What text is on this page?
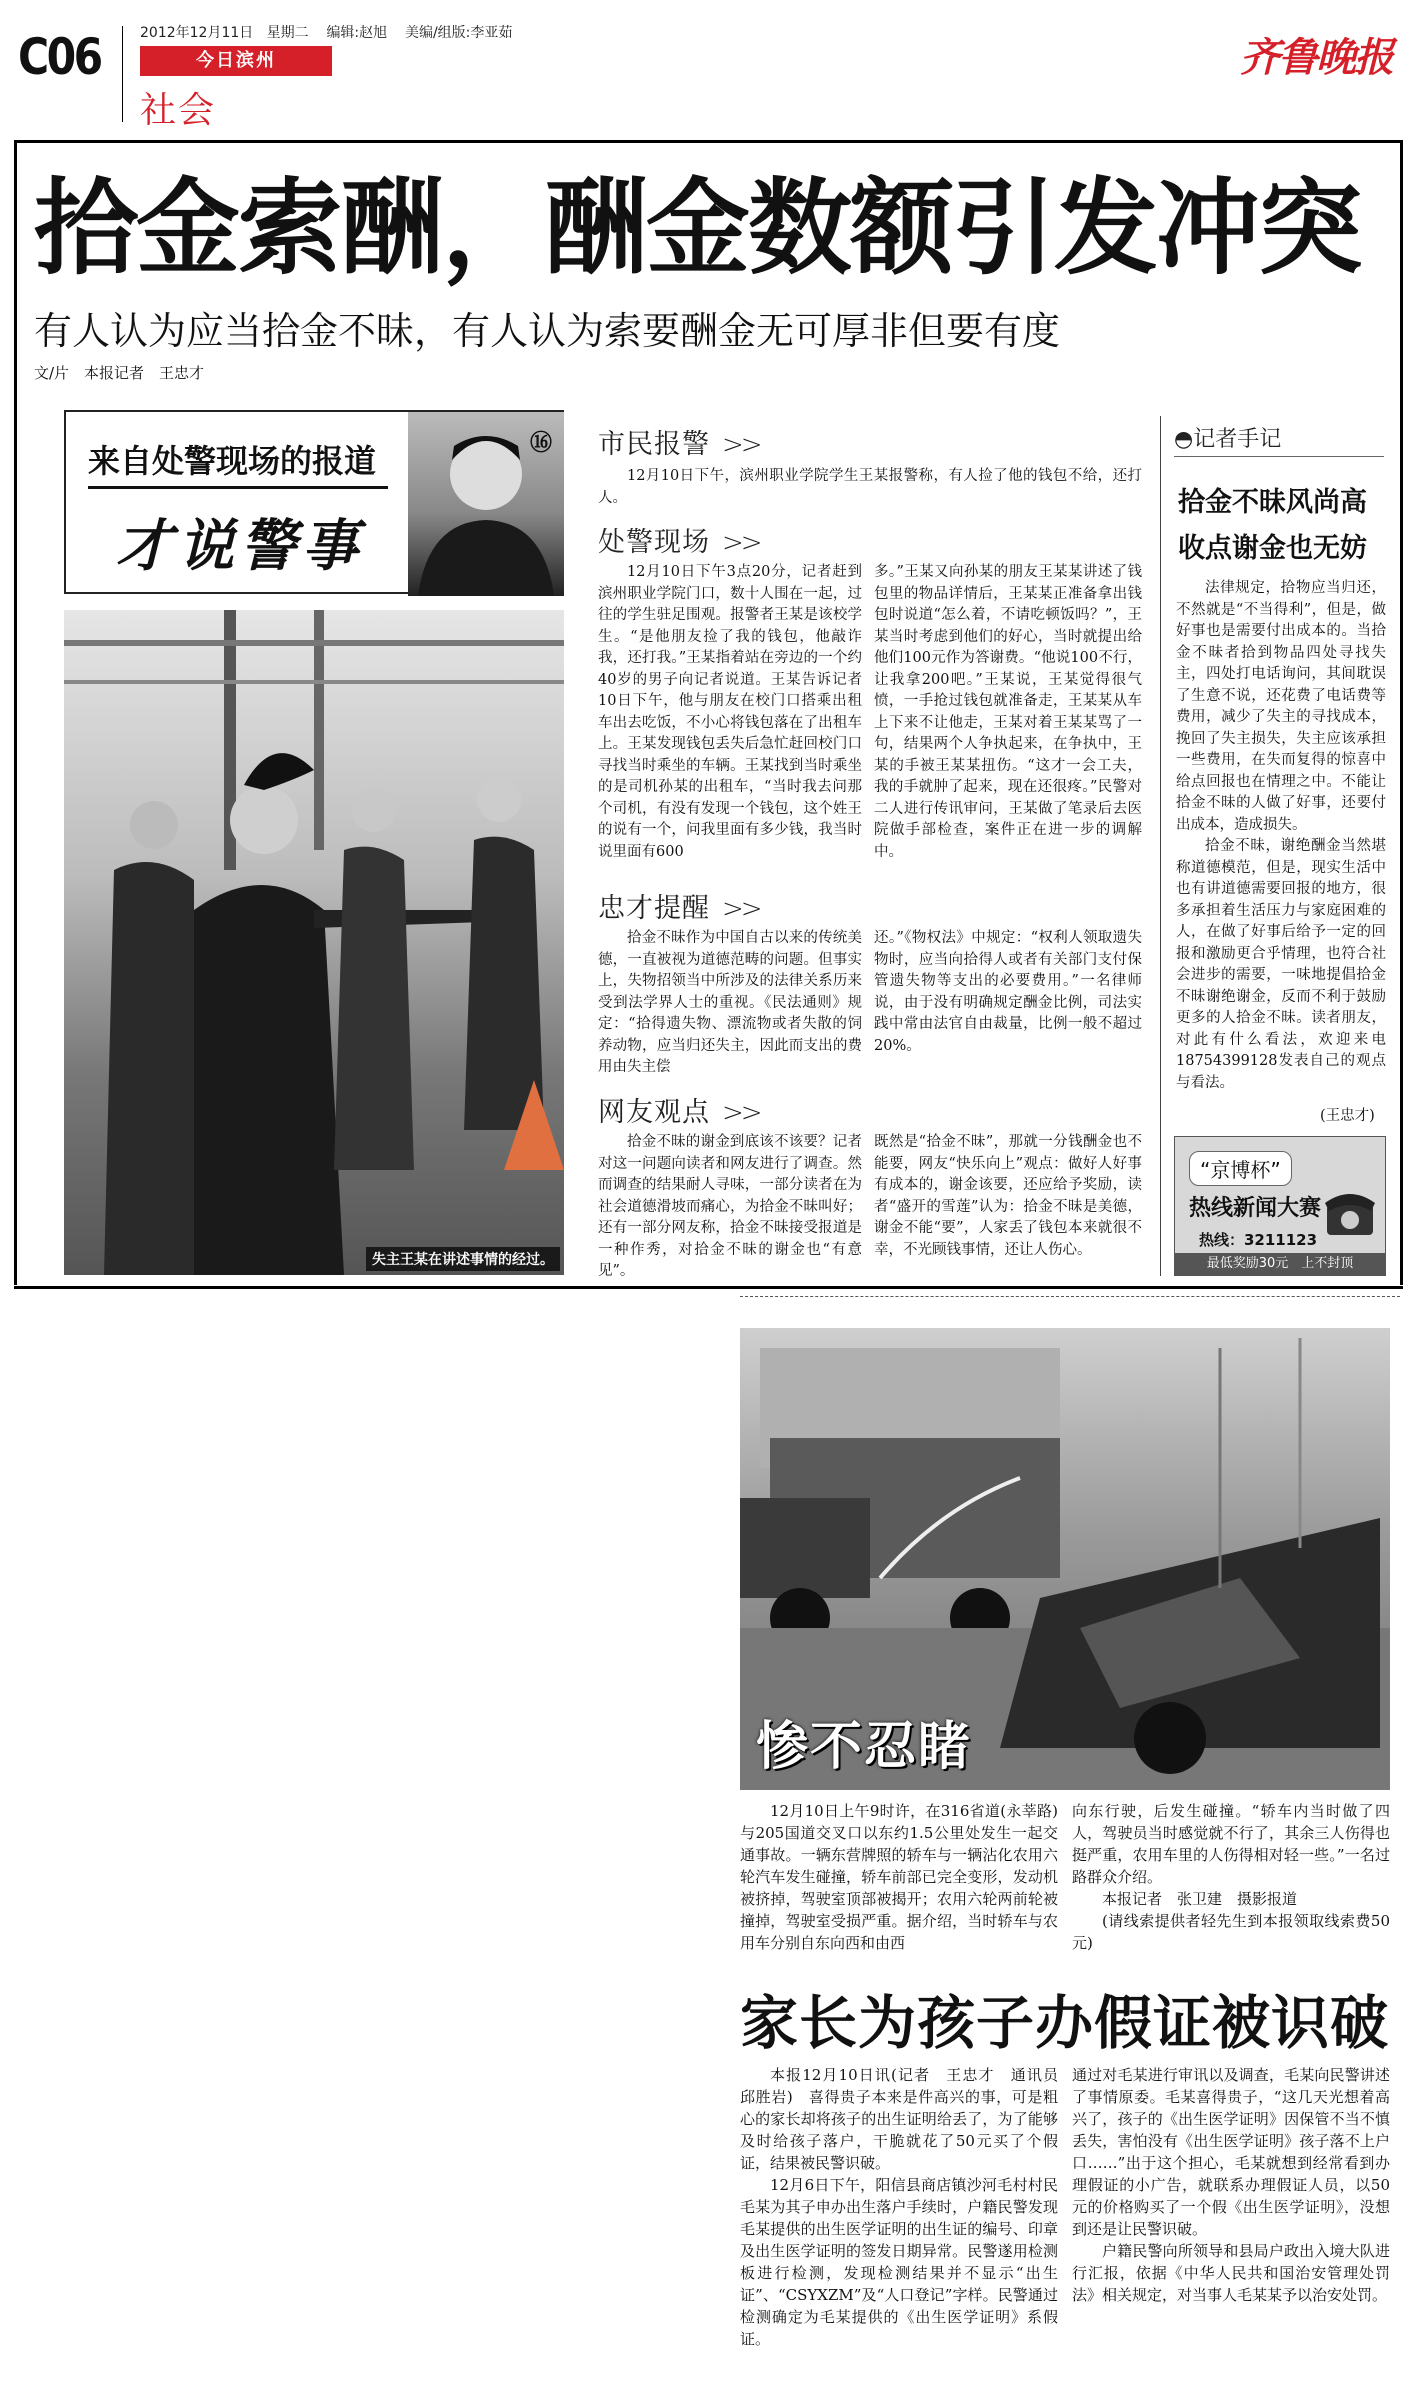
C06	2012年12月11日 星期二 编辑:赵旭 美编/组版:李亚茹
今日滨州
社会
齐鲁晚报
拾金索酬，酬金数额引发冲突
有人认为应当拾金不昧，有人认为索要酬金无可厚非但要有度
文/片　本报记者　王忠才
来自处警现场的报道
才说警事
⑯
失主王某在讲述事情的经过。
市民报警 >>

12月10日下午，滨州职业学院学生王某报警称，有人捡了他的钱包不给，还打人。

处警现场 >>

12月10日下午3点20分，记者赶到滨州职业学院门口，数十人围在一起，过往的学生驻足围观。报警者王某是该校学生。“是他朋友捡了我的钱包，他敲诈我，还打我。”王某指着站在旁边的一个约40岁的男子向记者说道。王某告诉记者10日下午，他与朋友在校门口搭乘出租车出去吃饭，不小心将钱包落在了出租车上。王某发现钱包丢失后急忙赶回校门口寻找当时乘坐的车辆。王某找到当时乘坐的是司机孙某的出租车，“当时我去问那个司机，有没有发现一个钱包，这个姓王的说有一个，问我里面有多少钱，我当时说里面有600

多。”王某又向孙某的朋友王某某讲述了钱包里的物品详情后，王某某正准备拿出钱包时说道“怎么着，不请吃顿饭吗？”，王某当时考虑到他们的好心，当时就提出给他们100元作为答谢费。“他说100不行，让我拿200吧。”王某说，王某觉得很气愤，一手抢过钱包就准备走，王某某从车上下来不让他走，王某对着王某某骂了一句，结果两个人争执起来，在争执中，王某的手被王某某扭伤。“这才一会工夫，我的手就肿了起来，现在还很疼。”民警对二人进行传讯审问，王某做了笔录后去医院做手部检查，案件正在进一步的调解中。

忠才提醒 >>

拾金不昧作为中国自古以来的传统美德，一直被视为道德范畴的问题。但事实上，失物招领当中所涉及的法律关系历来受到法学界人士的重视。《民法通则》规定：“拾得遗失物、漂流物或者失散的饲养动物，应当归还失主，因此而支出的费用由失主偿

还。”《物权法》中规定：“权利人领取遗失物时，应当向拾得人或者有关部门支付保管遗失物等支出的必要费用。”一名律师说，由于没有明确规定酬金比例，司法实践中常由法官自由裁量，比例一般不超过20%。

网友观点 >>

拾金不昧的谢金到底该不该要？记者对这一问题向读者和网友进行了调查。然而调查的结果耐人寻味，一部分读者在为社会道德滑坡而痛心，为拾金不昧叫好；还有一部分网友称，拾金不昧接受报道是一种作秀，对拾金不昧的谢金也“有意见”。

既然是“拾金不昧”，那就一分钱酬金也不能要，网友“快乐向上”观点：做好人好事有成本的，谢金该要，还应给予奖励，读者“盛开的雪莲”认为：拾金不昧是美德，谢金不能“要”，人家丢了钱包本来就很不幸，不光顾钱事情，还让人伤心。

◓记者手记
拾金不昧风尚高
收点谢金也无妨

法律规定，拾物应当归还，不然就是“不当得利”，但是，做好事也是需要付出成本的。当拾金不昧者拾到物品四处寻找失主，四处打电话询问，其间耽误了生意不说，还花费了电话费等费用，减少了失主的寻找成本，挽回了失主损失，失主应该承担一些费用，在失而复得的惊喜中给点回报也在情理之中。不能让拾金不昧的人做了好事，还要付出成本，造成损失。

拾金不昧，谢绝酬金当然堪称道德模范，但是，现实生活中也有讲道德需要回报的地方，很多承担着生活压力与家庭困难的人，在做了好事后给予一定的回报和激励更合乎情理，也符合社会进步的需要，一味地提倡拾金不昧谢绝谢金，反而不利于鼓励更多的人拾金不昧。读者朋友，对此有什么看法，欢迎来电18754399128发表自己的观点与看法。

(王忠才)
“京博杯”
热线新闻大赛
热线：3211123
最低奖励30元　上不封顶
惨不忍睹

12月10日上午9时许，在316省道(永莘路)与205国道交叉口以东约1.5公里处发生一起交通事故。一辆东营牌照的轿车与一辆沾化农用六轮汽车发生碰撞，轿车前部已完全变形，发动机被挤掉，驾驶室顶部被揭开；农用六轮两前轮被撞掉，驾驶室受损严重。据介绍，当时轿车与农用车分别自东向西和由西

向东行驶，后发生碰撞。“轿车内当时做了四人，驾驶员当时感觉就不行了，其余三人伤得也挺严重，农用车里的人伤得相对轻一些。”一名过路群众介绍。

本报记者　张卫建　摄影报道

(请线索提供者轻先生到本报领取线索费50元)

家长为孩子办假证被识破

本报12月10日讯(记者　王忠才　通讯员　邱胜岩)　喜得贵子本来是件高兴的事，可是粗心的家长却将孩子的出生证明给丢了，为了能够及时给孩子落户，干脆就花了50元买了个假证，结果被民警识破。

12月6日下午，阳信县商店镇沙河毛村村民毛某为其子申办出生落户手续时，户籍民警发现毛某提供的出生医学证明的出生证的编号、印章及出生医学证明的签发日期异常。民警遂用检测板进行检测，发现检测结果并不显示“出生证”、“CSYXZM”及“人口登记”字样。民警通过检测确定为毛某提供的《出生医学证明》系假证。

通过对毛某进行审讯以及调查，毛某向民警讲述了事情原委。毛某喜得贵子，“这几天光想着高兴了，孩子的《出生医学证明》因保管不当不慎丢失，害怕没有《出生医学证明》孩子落不上户口……”出于这个担心，毛某就想到经常看到办理假证的小广告，就联系办理假证人员，以50元的价格购买了一个假《出生医学证明》，没想到还是让民警识破。

户籍民警向所领导和县局户政出入境大队进行汇报，依据《中华人民共和国治安管理处罚法》相关规定，对当事人毛某某予以治安处罚。
